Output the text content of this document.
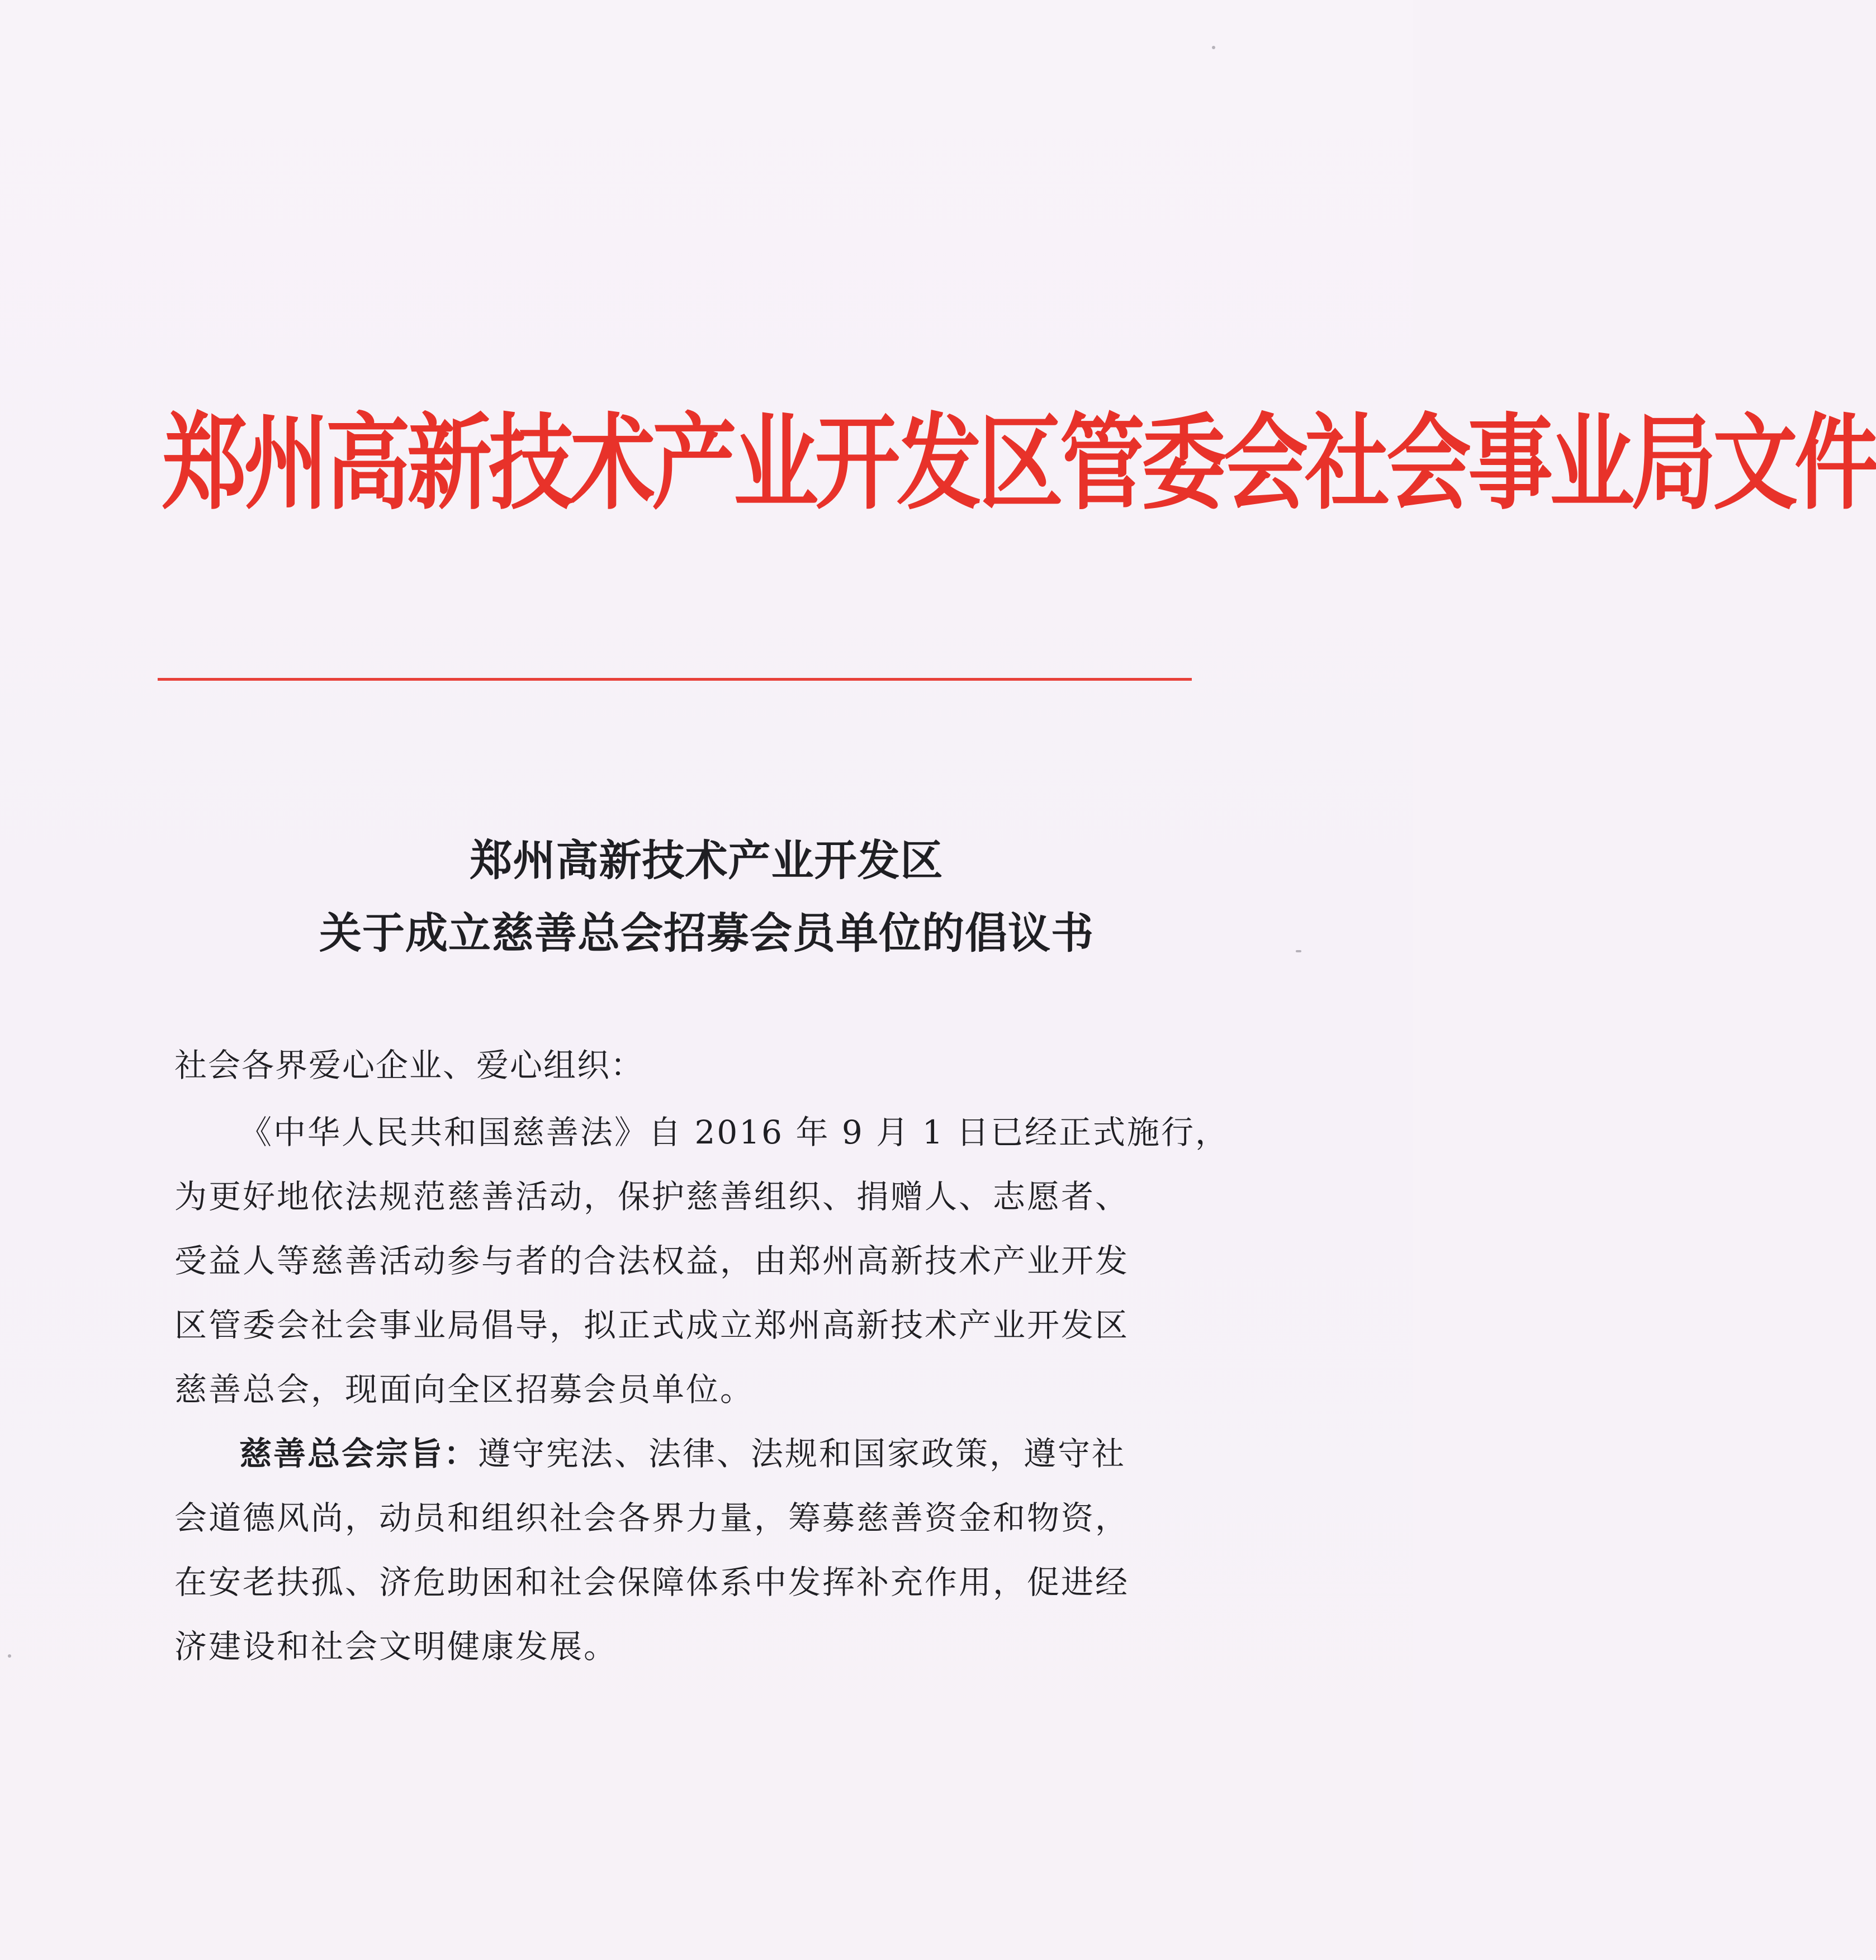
郑州高新技术产业开发区管委会社会事业局文件
郑州高新技术产业开发区
关于成立慈善总会招募会员单位的倡议书
社会各界爱心企业、爱心组织：
《中华人民共和国慈善法》自 2016 年 9 月 1 日已经正式施行，
为更好地依法规范慈善活动，保护慈善组织、捐赠人、志愿者、
受益人等慈善活动参与者的合法权益，由郑州高新技术产业开发
区管委会社会事业局倡导，拟正式成立郑州高新技术产业开发区
慈善总会，现面向全区招募会员单位。
慈善总会宗旨：遵守宪法、法律、法规和国家政策，遵守社
会道德风尚，动员和组织社会各界力量，筹募慈善资金和物资，
在安老扶孤、济危助困和社会保障体系中发挥补充作用，促进经
济建设和社会文明健康发展。
